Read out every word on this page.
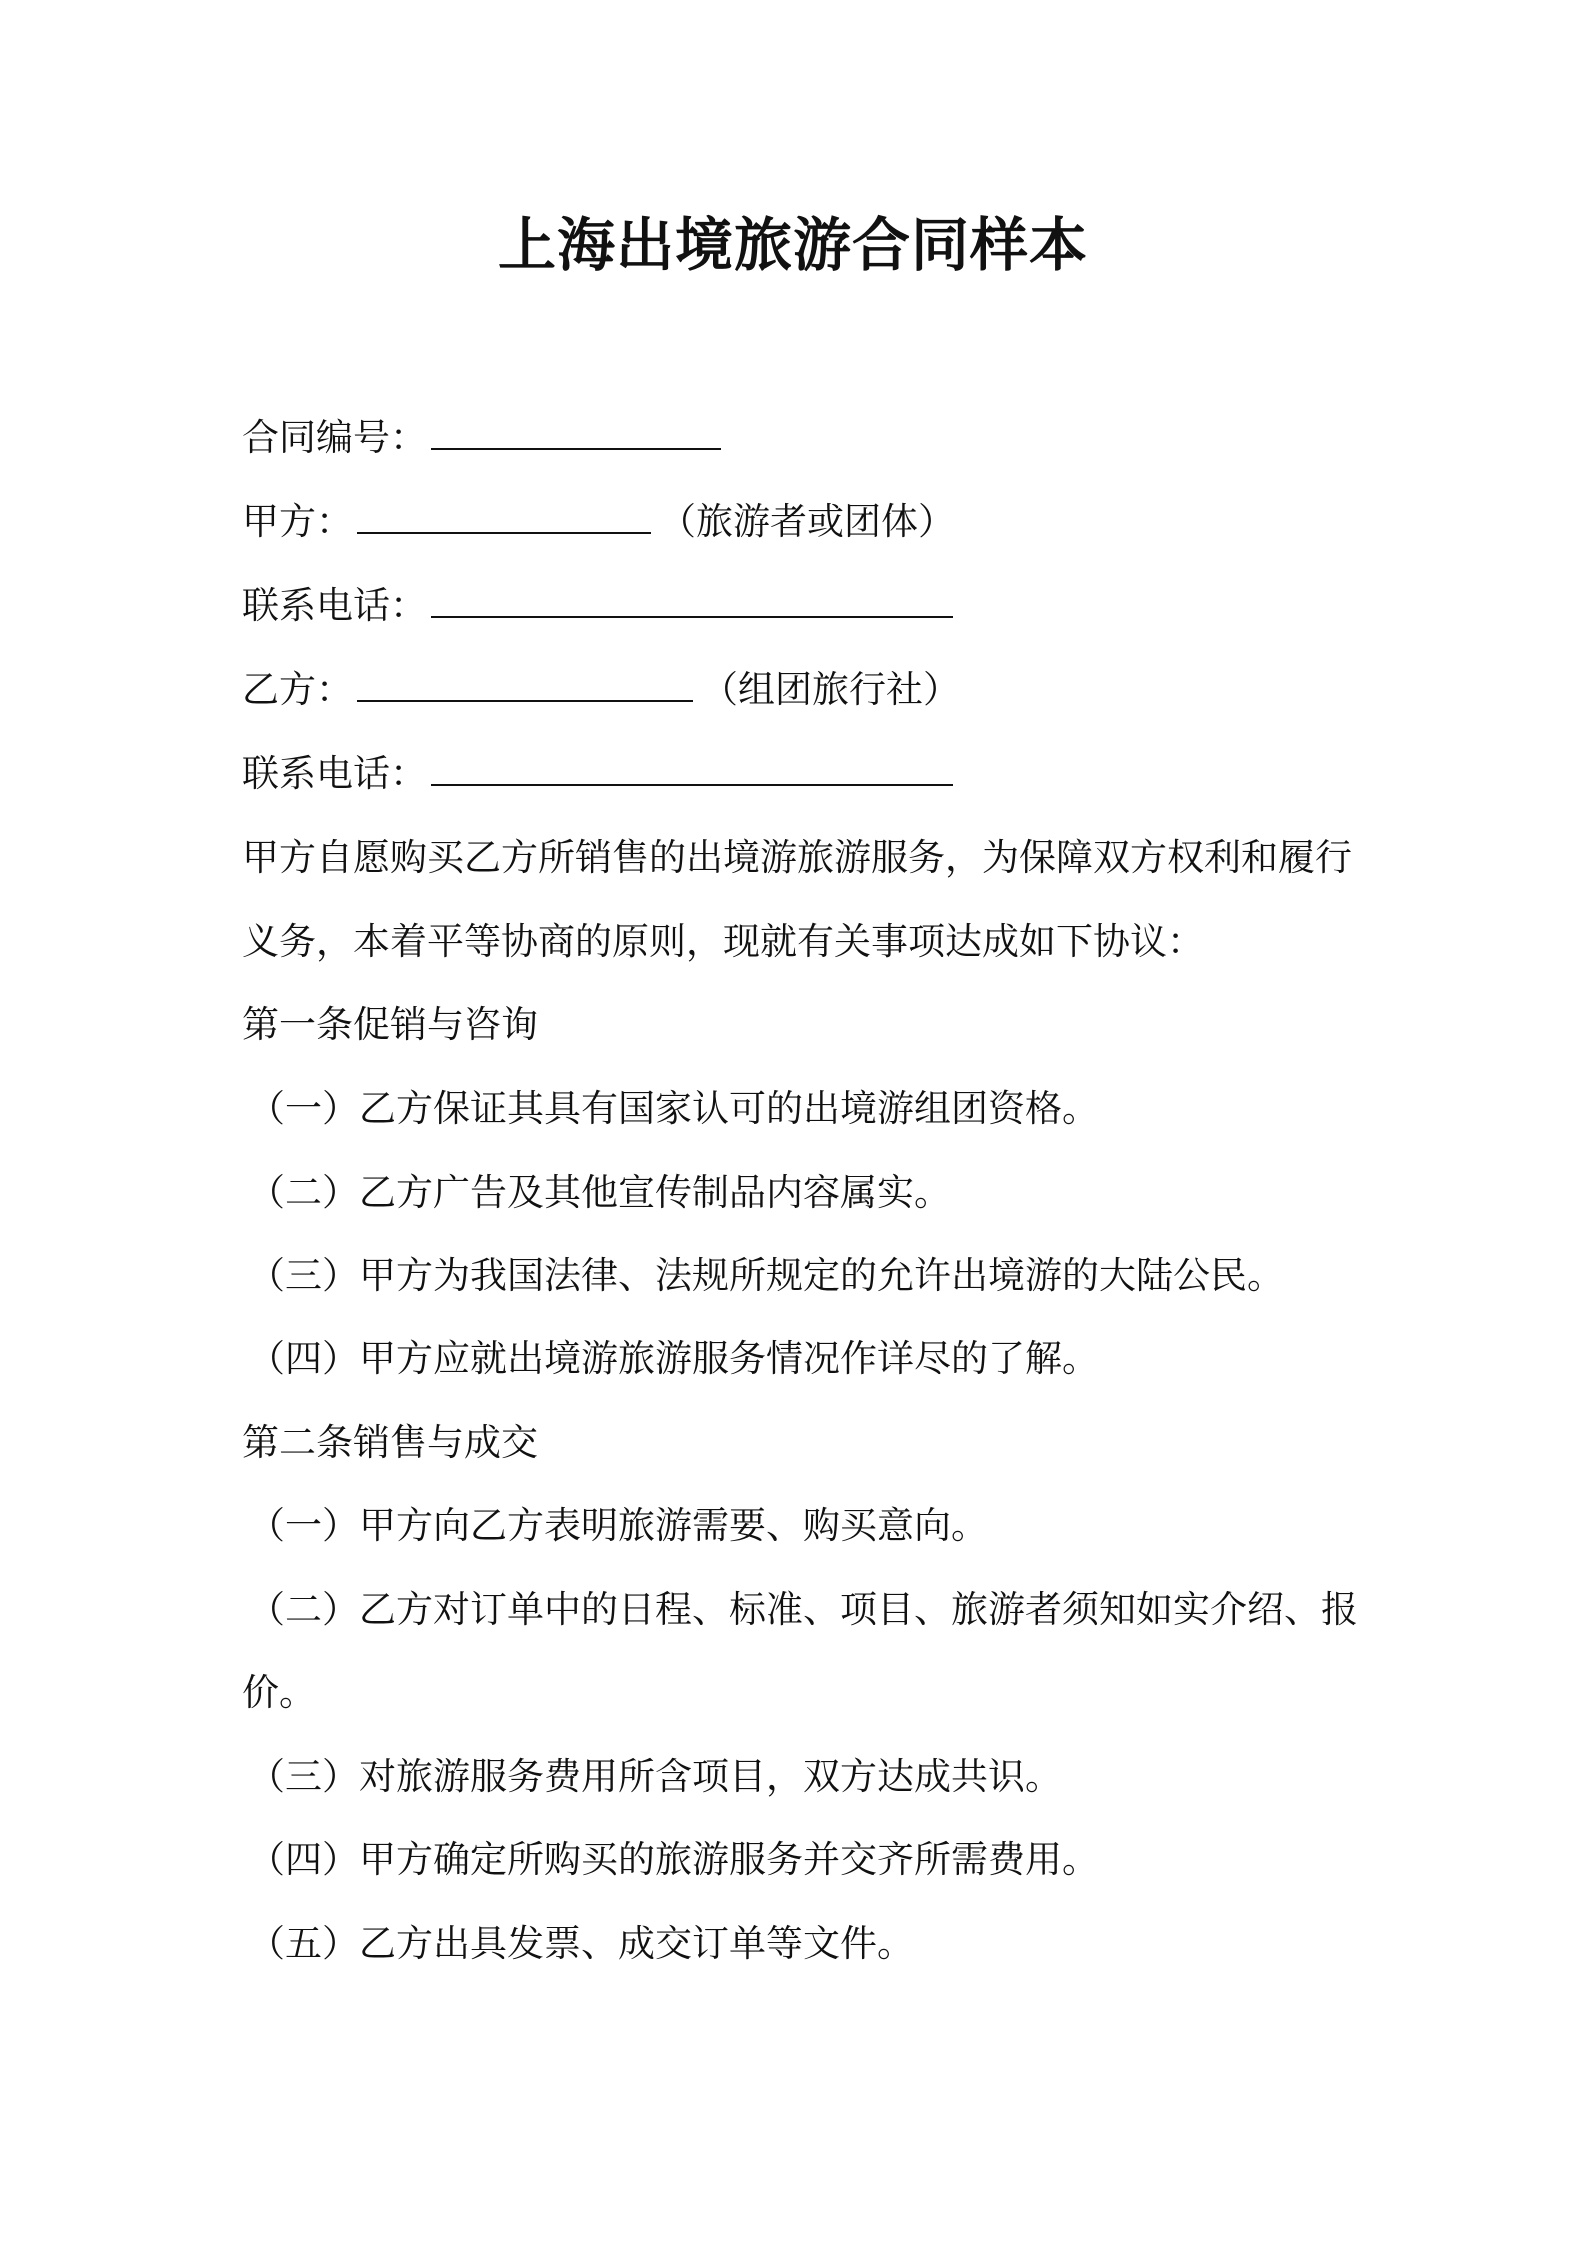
上海出境旅游合同样本
合同编号：
甲方：	（旅游者或团体）
联系电话：
乙方：	（组团旅行社）
联系电话：
甲方自愿购买乙方所销售的出境游旅游服务，为保障双方权利和履行
义务，本着平等协商的原则，现就有关事项达成如下协议：
第一条促销与咨询
（一）乙方保证其具有国家认可的出境游组团资格。
（二）乙方广告及其他宣传制品内容属实。
（三）甲方为我国法律、法规所规定的允许出境游的大陆公民。
（四）甲方应就出境游旅游服务情况作详尽的了解。
第二条销售与成交
（一）甲方向乙方表明旅游需要、购买意向。
（二）乙方对订单中的日程、标准、项目、旅游者须知如实介绍、报
价。
（三）对旅游服务费用所含项目，双方达成共识。
（四）甲方确定所购买的旅游服务并交齐所需费用。
（五）乙方出具发票、成交订单等文件。
